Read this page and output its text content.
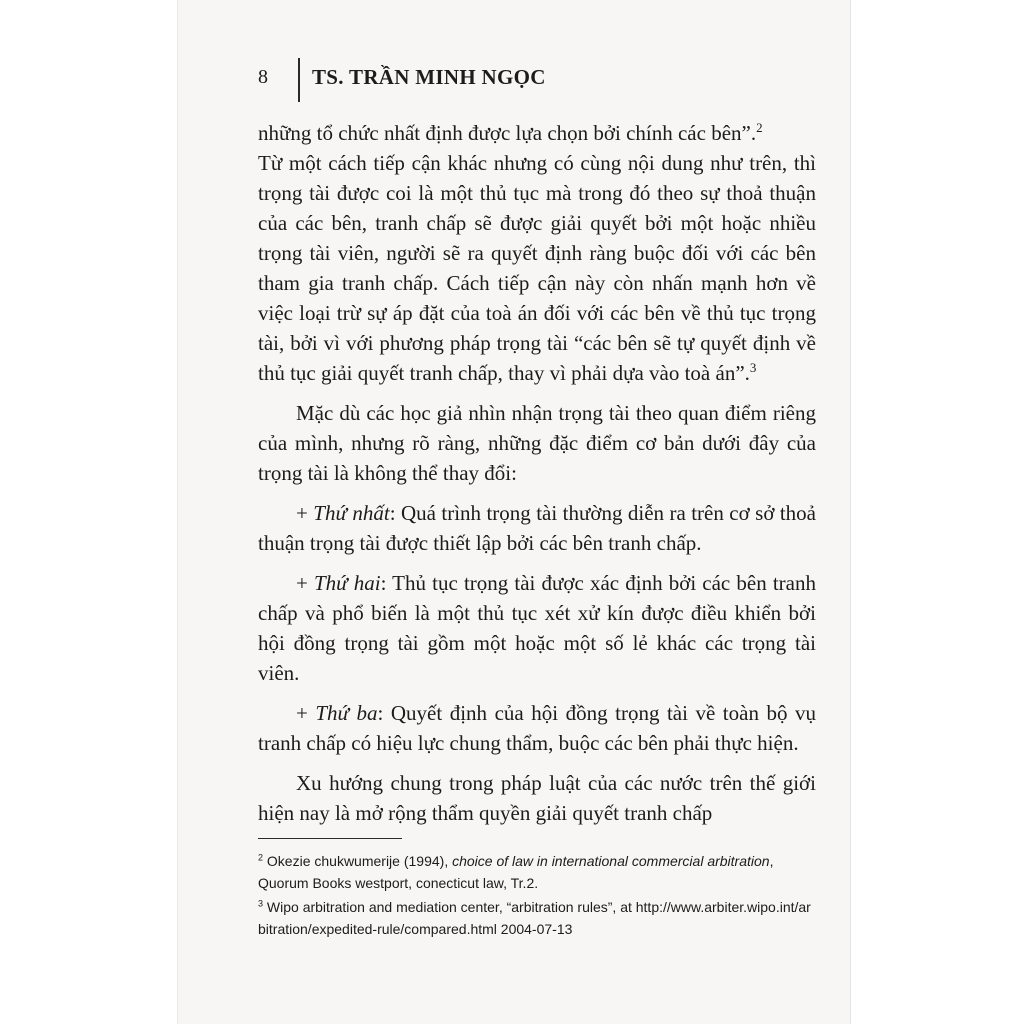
8 TS. TRẦN MINH NGỌC

những tổ chức nhất định được lựa chọn bởi chính các bên”.$^2$

Từ một cách tiếp cận khác nhưng có cùng nội dung như trên, thì trọng tài được coi là một thủ tục mà trong đó theo sự thoả thuận của các bên, tranh chấp sẽ được giải quyết bởi một hoặc nhiều trọng tài viên, người sẽ ra quyết định ràng buộc đối với các bên tham gia tranh chấp. Cách tiếp cận này còn nhấn mạnh hơn về việc loại trừ sự áp đặt của toà án đối với các bên về thủ tục trọng tài, bởi vì với phương pháp trọng tài “các bên sẽ tự quyết định về thủ tục giải quyết tranh chấp, thay vì phải dựa vào toà án”.$^3$

Mặc dù các học giả nhìn nhận trọng tài theo quan điểm riêng của mình, nhưng rõ ràng, những đặc điểm cơ bản dưới đây của trọng tài là không thể thay đổi:

+ Thứ nhất: Quá trình trọng tài thường diễn ra trên cơ sở thoả thuận trọng tài được thiết lập bởi các bên tranh chấp.

+ Thứ hai: Thủ tục trọng tài được xác định bởi các bên tranh chấp và phổ biến là một thủ tục xét xử kín được điều khiển bởi hội đồng trọng tài gồm một hoặc một số lẻ khác các trọng tài viên.

+ Thứ ba: Quyết định của hội đồng trọng tài về toàn bộ vụ tranh chấp có hiệu lực chung thẩm, buộc các bên phải thực hiện.

Xu hướng chung trong pháp luật của các nước trên thế giới hiện nay là mở rộng thẩm quyền giải quyết tranh chấp

$^2$ Okezie chukwumerije (1994), choice of law in international commercial arbitration, Quorum Books westport, conecticut law, Tr.2.
$^3$ Wipo arbitration and mediation center, “arbitration rules”, at http://www.arbiter.wipo.int/arbitration/expedited-rule/compared.html 2004-07-13
